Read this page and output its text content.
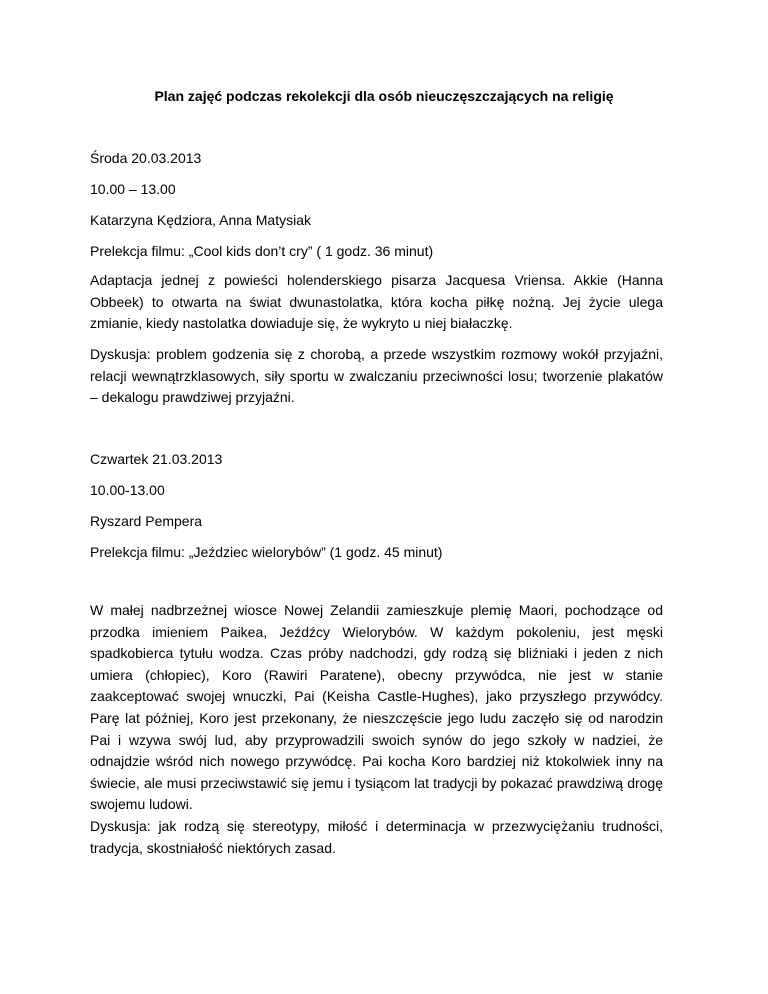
Plan zajęć podczas rekolekcji dla osób nieuczęszczających na religię
Środa 20.03.2013
10.00 – 13.00
Katarzyna Kędziora, Anna Matysiak
Prelekcja filmu: „Cool kids don’t cry” ( 1 godz. 36 minut)
Adaptacja jednej z powieści holenderskiego pisarza Jacquesa Vriensa. Akkie (Hanna Obbeek) to otwarta na świat dwunastolatka, która kocha piłkę nożną. Jej życie ulega zmianie, kiedy nastolatka dowiaduje się, że wykryto u niej białaczkę.
Dyskusja: problem godzenia się z chorobą, a przede wszystkim rozmowy wokół przyjaźni, relacji wewnątrzklasowych, siły sportu w zwalczaniu przeciwności losu; tworzenie plakatów – dekalogu prawdziwej przyjaźni.
Czwartek 21.03.2013
10.00-13.00
Ryszard Pempera
Prelekcja filmu: „Jeździec wielorybów” (1 godz. 45 minut)
W małej nadbrzeżnej wiosce Nowej Zelandii zamieszkuje plemię Maori, pochodzące od przodka imieniem Paikea, Jeźdźcy Wielorybów. W każdym pokoleniu, jest męski spadkobierca tytułu wodza. Czas próby nadchodzi, gdy rodzą się bliźniaki i jeden z nich umiera (chłopiec), Koro (Rawiri Paratene), obecny przywódca, nie jest w stanie zaakceptować swojej wnuczki, Pai (Keisha Castle-Hughes), jako przyszłego przywódcy. Parę lat później, Koro jest przekonany, że nieszczęście jego ludu zaczęło się od narodzin Pai i wzywa swój lud, aby przyprowadzili swoich synów do jego szkoły w nadziei, że odnajdzie wśród nich nowego przywódcę. Pai kocha Koro bardziej niż ktokolwiek inny na świecie, ale musi przeciwstawić się jemu i tysiącom lat tradycji by pokazać prawdziwą drogę swojemu ludowi.
Dyskusja: jak rodzą się stereotypy, miłość i determinacja w przezwyciężaniu trudności, tradycja, skostniałość niektórych zasad.
